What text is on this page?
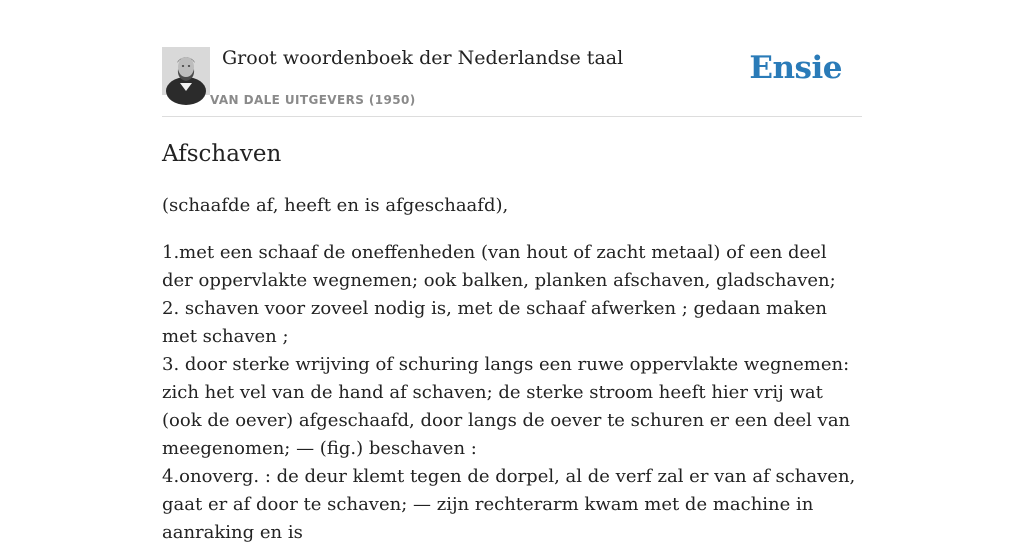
Groot woordenboek der Nederlandse taal
VAN DALE UITGEVERS (1950)
Ensie
Afschaven

(schaafde af, heeft en is afgeschaafd),

1.met een schaaf de oneffenheden (van hout of zacht metaal) of een deel der oppervlakte wegnemen; ook balken, planken afschaven, gladschaven;

2. schaven voor zoveel nodig is, met de schaaf afwerken ; gedaan maken met schaven ;

3. door sterke wrijving of schuring langs een ruwe oppervlakte wegnemen: zich het vel van de hand af schaven; de sterke stroom heeft hier vrij wat (ook de oever) afgeschaafd, door langs de oever te schuren er een deel van meegenomen; — (fig.) beschaven :

4.onoverg. : de deur klemt tegen de dorpel, al de verf zal er van af schaven, gaat er af door te schaven; — zijn rechterarm kwam met de machine in aanraking en is
